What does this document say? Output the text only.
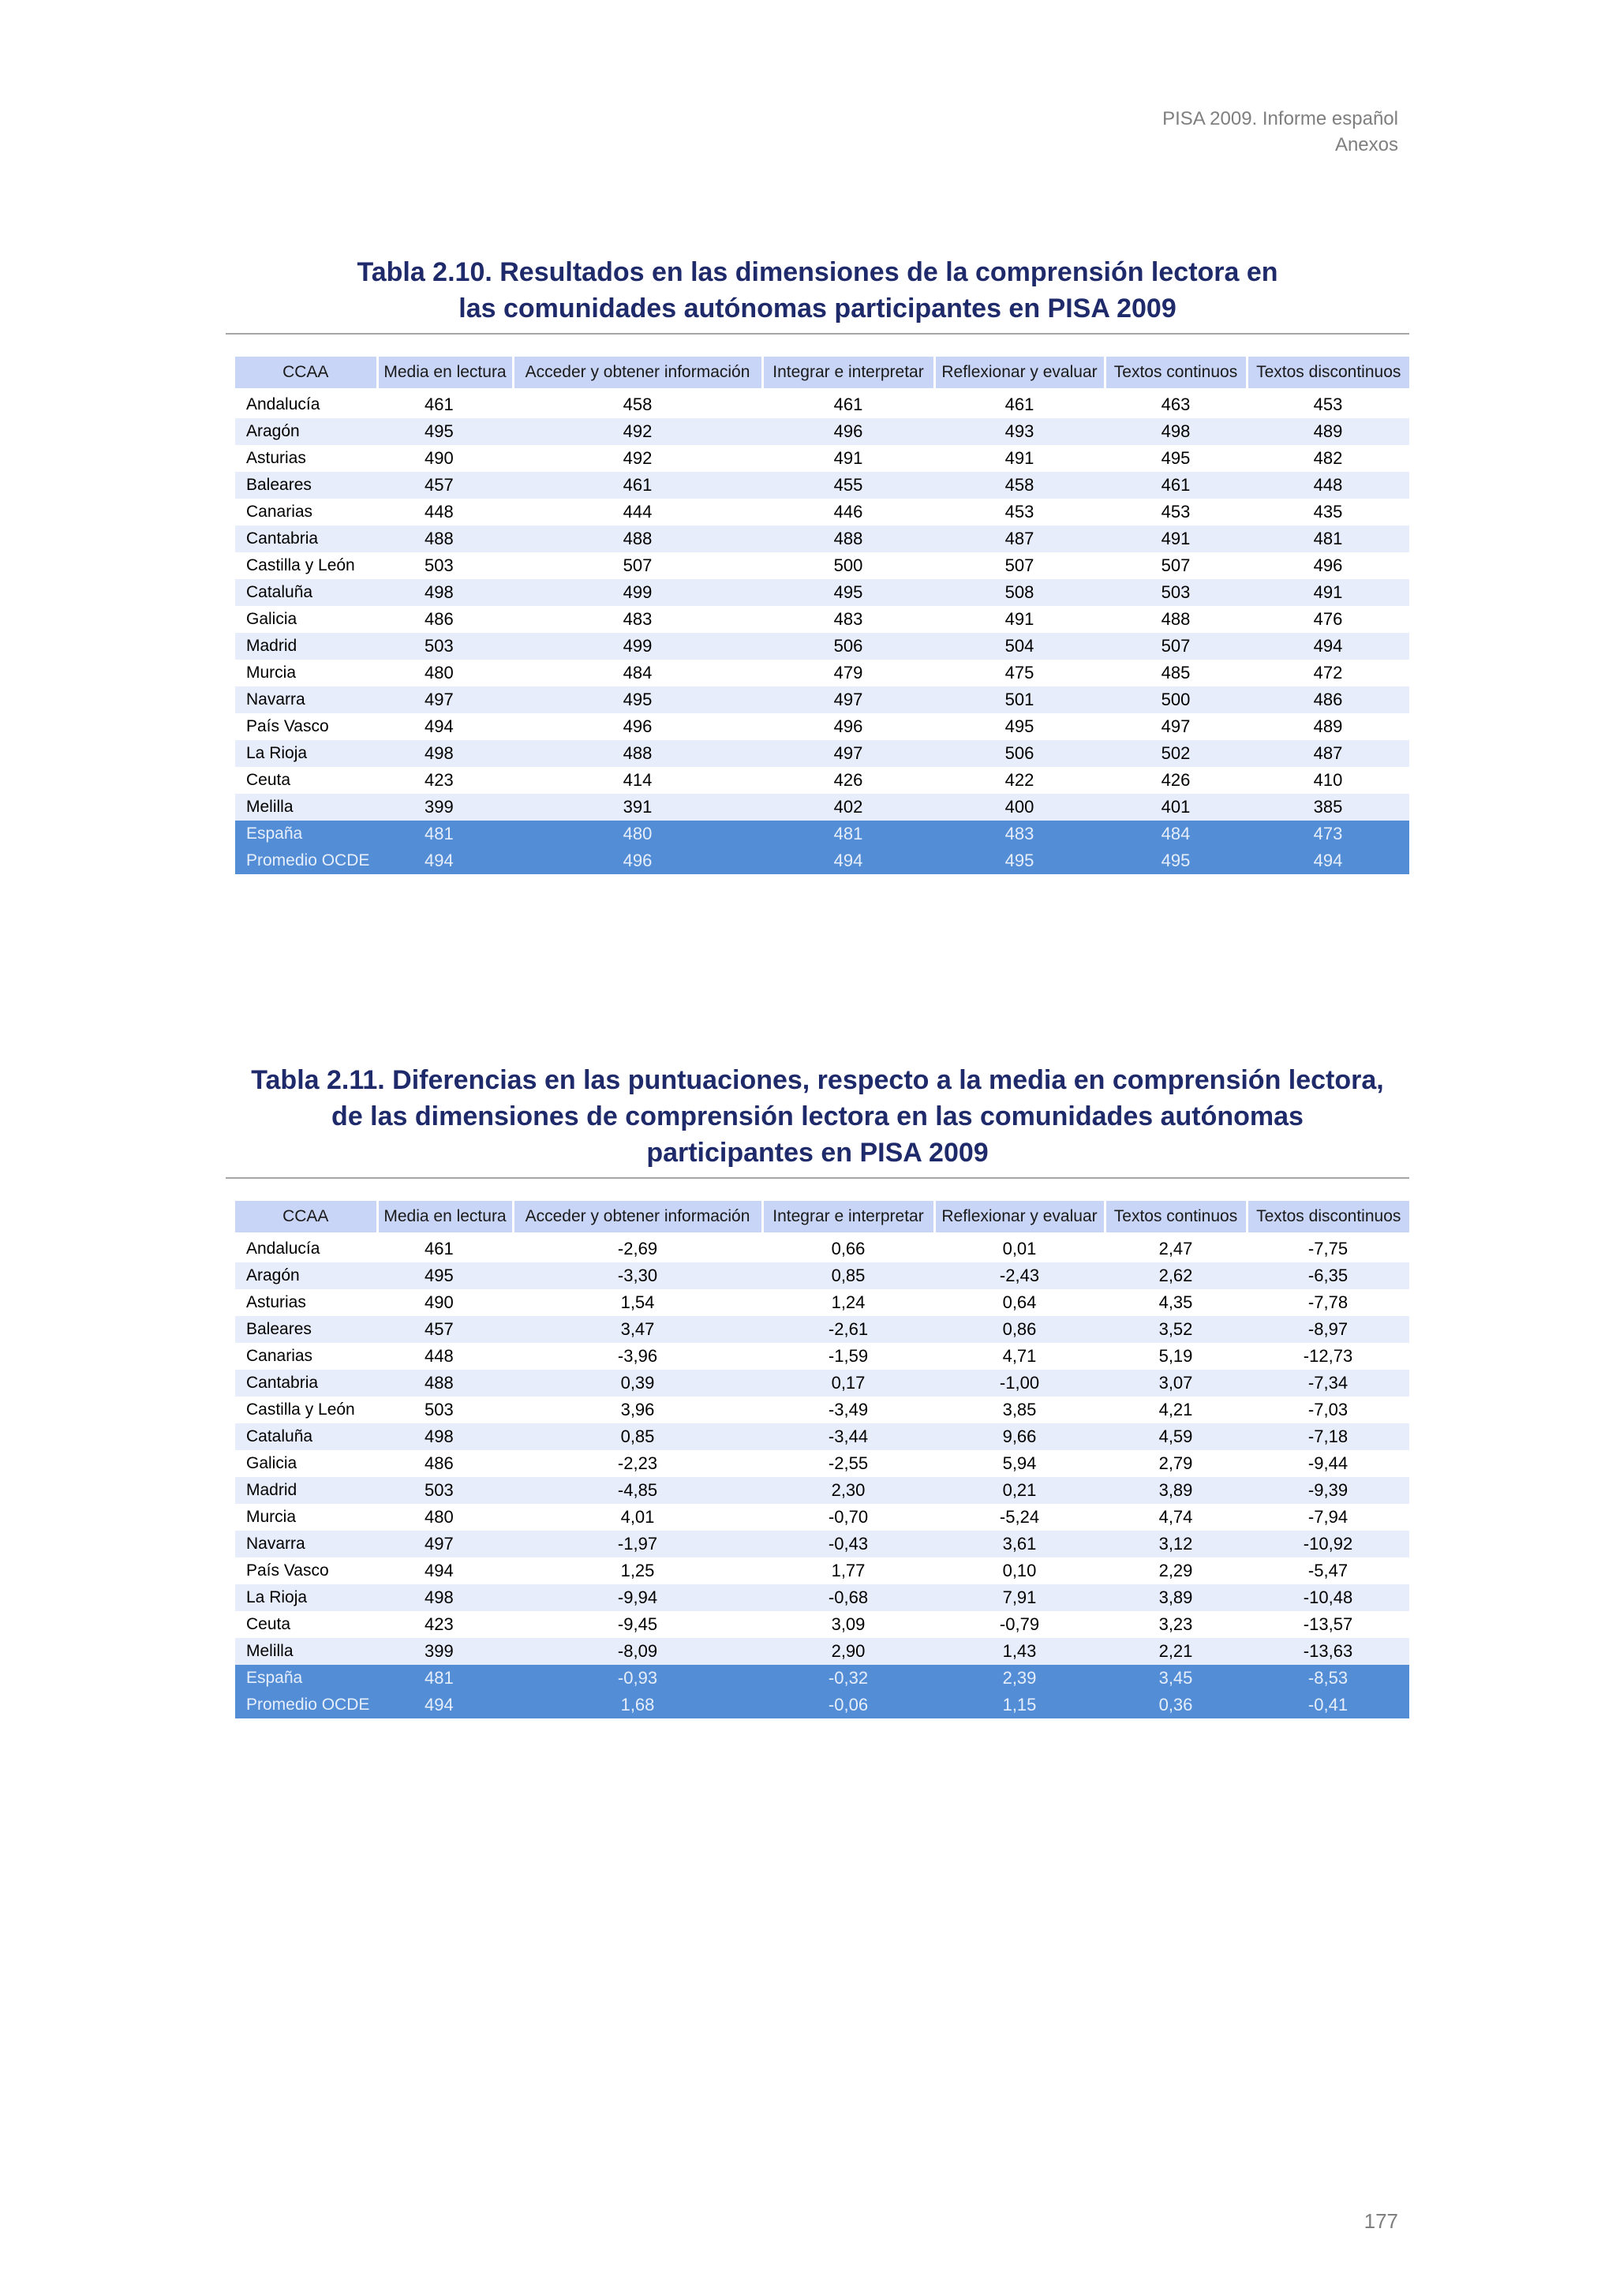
PISA 2009. Informe español
Anexos
Tabla 2.10. Resultados en las dimensiones de la comprensión lectora en
las comunidades autónomas participantes en PISA 2009
CCAA	Media en lectura	Acceder y obtener información	Integrar e interpretar	Reflexionar y evaluar	Textos continuos	Textos discontinuos
Andalucía	461	458	461	461	463	453
Aragón	495	492	496	493	498	489
Asturias	490	492	491	491	495	482
Baleares	457	461	455	458	461	448
Canarias	448	444	446	453	453	435
Cantabria	488	488	488	487	491	481
Castilla y León	503	507	500	507	507	496
Cataluña	498	499	495	508	503	491
Galicia	486	483	483	491	488	476
Madrid	503	499	506	504	507	494
Murcia	480	484	479	475	485	472
Navarra	497	495	497	501	500	486
País Vasco	494	496	496	495	497	489
La Rioja	498	488	497	506	502	487
Ceuta	423	414	426	422	426	410
Melilla	399	391	402	400	401	385
España	481	480	481	483	484	473
Promedio OCDE	494	496	494	495	495	494
Tabla 2.11. Diferencias en las puntuaciones, respecto a la media en comprensión lectora,
de las dimensiones de comprensión lectora en las comunidades autónomas
participantes en PISA 2009
CCAA	Media en lectura	Acceder y obtener información	Integrar e interpretar	Reflexionar y evaluar	Textos continuos	Textos discontinuos
Andalucía	461	-2,69	0,66	0,01	2,47	-7,75
Aragón	495	-3,30	0,85	-2,43	2,62	-6,35
Asturias	490	1,54	1,24	0,64	4,35	-7,78
Baleares	457	3,47	-2,61	0,86	3,52	-8,97
Canarias	448	-3,96	-1,59	4,71	5,19	-12,73
Cantabria	488	0,39	0,17	-1,00	3,07	-7,34
Castilla y León	503	3,96	-3,49	3,85	4,21	-7,03
Cataluña	498	0,85	-3,44	9,66	4,59	-7,18
Galicia	486	-2,23	-2,55	5,94	2,79	-9,44
Madrid	503	-4,85	2,30	0,21	3,89	-9,39
Murcia	480	4,01	-0,70	-5,24	4,74	-7,94
Navarra	497	-1,97	-0,43	3,61	3,12	-10,92
País Vasco	494	1,25	1,77	0,10	2,29	-5,47
La Rioja	498	-9,94	-0,68	7,91	3,89	-10,48
Ceuta	423	-9,45	3,09	-0,79	3,23	-13,57
Melilla	399	-8,09	2,90	1,43	2,21	-13,63
España	481	-0,93	-0,32	2,39	3,45	-8,53
Promedio OCDE	494	1,68	-0,06	1,15	0,36	-0,41
177
